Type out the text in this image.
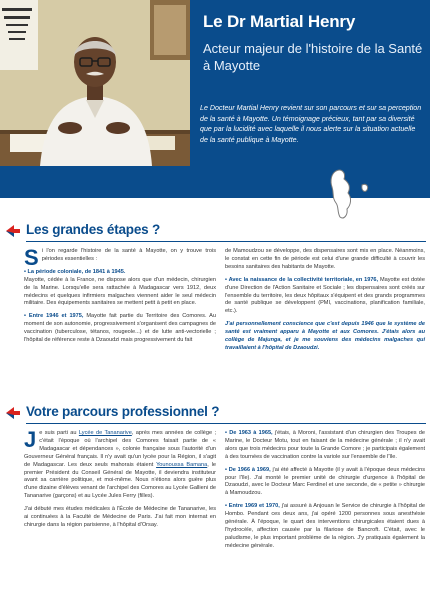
Le Dr Martial Henry
Acteur majeur de l'histoire de la Santé à Mayotte
Le Docteur Martial Henry revient sur son parcours et sur sa perception de la santé à Mayotte. Un témoignage précieux, tant par sa diversité que par la lucidité avec laquelle il nous alerte sur la situation actuelle de la santé publique à Mayotte.
Les grandes étapes ?

Si l'on regarde l'histoire de la santé à Mayotte, on y trouve trois périodes essentielles :

• La période coloniale, de 1841 à 1945.
Mayotte, cédée à la France, ne dispose alors que d'un médecin, chirurgien de la Marine. Lorsqu'elle sera rattachée à Madagascar vers 1912, deux médecins et quelques infirmiers malgaches viennent aider le seul médecin militaire. Des équipements sanitaires se mettent petit à petit en place.

• Entre 1946 et 1975, Mayotte fait partie du Territoire des Comores. Au moment de son autonomie, progressivement s'organisent des campagnes de vaccination (tuberculose, tétanos, rougeole...) et de lutte anti-vectorielle ; l'hôpital de référence reste à Dzaoudzi mais progressivement du fait

de Mamoudzou se développe, des dispensaires sont mis en place. Néanmoins, le constat en cette fin de période est celui d'une grande difficulté à couvrir les besoins sanitaires des habitants de Mayotte.

• Avec la naissance de la collectivité territoriale, en 1976, Mayotte est dotée d'une Direction de l'Action Sanitaire et Sociale ; les dispensaires sont créés sur l'ensemble du territoire, les deux hôpitaux s'équipent et des grands programmes de santé publique se développent (PMI, vaccinations, planification familiale, etc.).

J'ai personnellement conscience que c'est depuis 1946 que le système de santé est vraiment apparu à Mayotte et aux Comores. J'étais alors au collège de Majunga, et je me souviens des médecins malgaches qui travaillaient à l'hôpital de Dzaoudzi.

Votre parcours professionnel ?

Je suis parti au Lycée de Tananarive, après mes années de collège ; c'était l'époque où l'archipel des Comores faisait partie de « Madagascar et dépendances », colonie française sous l'autorité d'un Gouverneur Général français. Il n'y avait qu'un lycée pour la Région, il s'agit de Madagascar. Les deux seuls mahorais étaient Younoussa Bamana, le premier Président du Conseil Général de Mayotte, il deviendra instituteur avant sa carrière politique, et moi-même. Nous n'étions alors guère plus d'une dizaine d'élèves venant de l'archipel des Comores au Lycée Gallieni de Tananarive (garçons) et au Lycée Jules Ferry (filles).

J'ai débuté mes études médicales à l'École de Médecine de Tananarive, les ai continuées à la Faculté de Médecine de Paris. J'ai fait mon internat en chirurgie dans la région parisienne, à l'hôpital d'Orsay.

• De 1963 à 1965, j'étais, à Moroni, l'assistant d'un chirurgien des Troupes de Marine, le Docteur Motu, tout en faisant de la médecine générale ; il n'y avait alors que trois médecins pour toute la Grande Comore ; je participais également à des tournées de vaccination contre la variole sur l'ensemble de l'île.

• De 1966 à 1969, j'ai été affecté à Mayotte (il y avait à l'époque deux médecins pour l'île). J'ai monté le premier unité de chirurgie d'urgence à l'hôpital de Dzaoudzi, avec le Docteur Marc Ferdinel et une seconde, de « petite » chirurgie à Mamoudzou.

• Entre 1969 et 1970, j'ai assuré à Anjouan le Service de chirurgie à l'hôpital de Hombo. Pendant ces deux ans, j'ai opéré 1200 personnes sous anesthésie générale. À l'époque, le quart des interventions chirurgicales étaient dues à l'hydrocèle, affection causée par la filariose de Bancroft. C'était, avec le paludisme, le plus important problème de la région. J'y pratiquais également la médecine générale.
